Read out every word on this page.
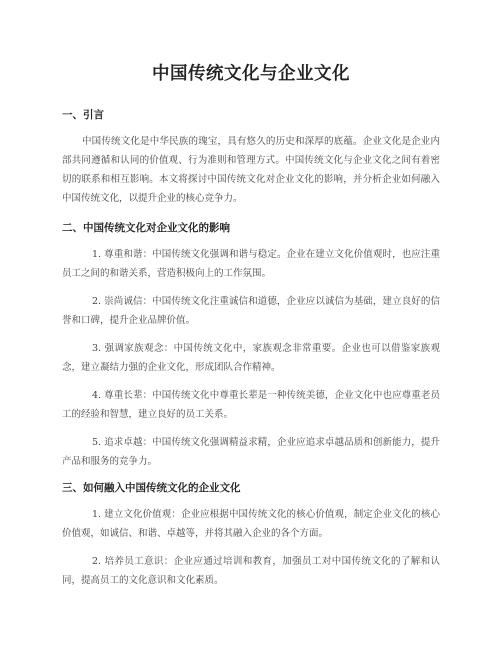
中国传统文化与企业文化
一、引言

中国传统文化是中华民族的瑰宝，具有悠久的历史和深厚的底蕴。企业文化是企业内部共同遵循和认同的价值观、行为准则和管理方式。中国传统文化与企业文化之间有着密切的联系和相互影响。本文将探讨中国传统文化对企业文化的影响，并分析企业如何融入中国传统文化，以提升企业的核心竞争力。

二、中国传统文化对企业文化的影响

1. 尊重和谐：中国传统文化强调和谐与稳定。企业在建立文化价值观时，也应注重员工之间的和谐关系，营造积极向上的工作氛围。

2. 崇尚诚信：中国传统文化注重诚信和道德，企业应以诚信为基础，建立良好的信誉和口碑，提升企业品牌价值。

3. 强调家族观念：中国传统文化中，家族观念非常重要。企业也可以借鉴家族观念，建立凝结力强的企业文化，形成团队合作精神。

4. 尊重长辈：中国传统文化中尊重长辈是一种传统美德，企业文化中也应尊重老员工的经验和智慧，建立良好的员工关系。

5. 追求卓越：中国传统文化强调精益求精，企业应追求卓越品质和创新能力，提升产品和服务的竞争力。

三、如何融入中国传统文化的企业文化

1. 建立文化价值观：企业应根据中国传统文化的核心价值观，制定企业文化的核心价值观，如诚信、和谐、卓越等，并将其融入企业的各个方面。

2. 培养员工意识：企业应通过培训和教育，加强员工对中国传统文化的了解和认同，提高员工的文化意识和文化素质。
